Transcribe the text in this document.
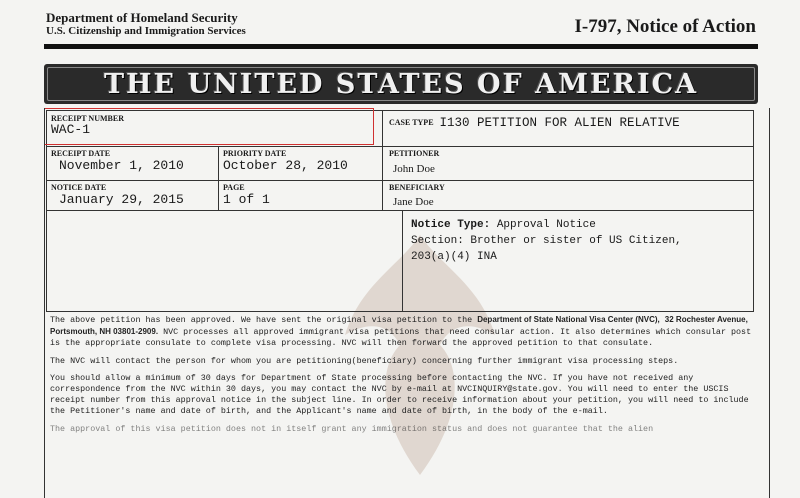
Department of Homeland Security
U.S. Citizenship and Immigration Services	I-797, Notice of Action
THE UNITED STATES OF AMERICA
RECEIPT NUMBER
WAC-1	CASE TYPE I130 PETITION FOR ALIEN RELATIVE
RECEIPT DATE
November 1, 2010
PRIORITY DATE
October 28, 2010
PETITIONER
John Doe
NOTICE DATE
January 29, 2015
PAGE
1 of 1
BENEFICIARY
Jane Doe
Notice Type: Approval Notice
Section: Brother or sister of US Citizen,
203(a)(4) INA

The above petition has been approved. We have sent the original visa petition to the Department of State National Visa Center (NVC), 32 Rochester Avenue, Portsmouth, NH 03801-2909. NVC processes all approved immigrant visa petitions that need consular action. It also determines which consular post is the appropriate consulate to complete visa processing. NVC will then forward the approved petition to that consulate.

The NVC will contact the person for whom you are petitioning(beneficiary) concerning further immigrant visa processing steps.

You should allow a minimum of 30 days for Department of State processing before contacting the NVC. If you have not received any correspondence from the NVC within 30 days, you may contact the NVC by e-mail at NVCINQUIRY@state.gov. You will need to enter the USCIS receipt number from this approval notice in the subject line. In order to receive information about your petition, you will need to include the Petitioner's name and date of birth, and the Applicant's name and date of birth, in the body of the e-mail.

The approval of this visa petition does not in itself grant any immigration status and does not guarantee that the alien
